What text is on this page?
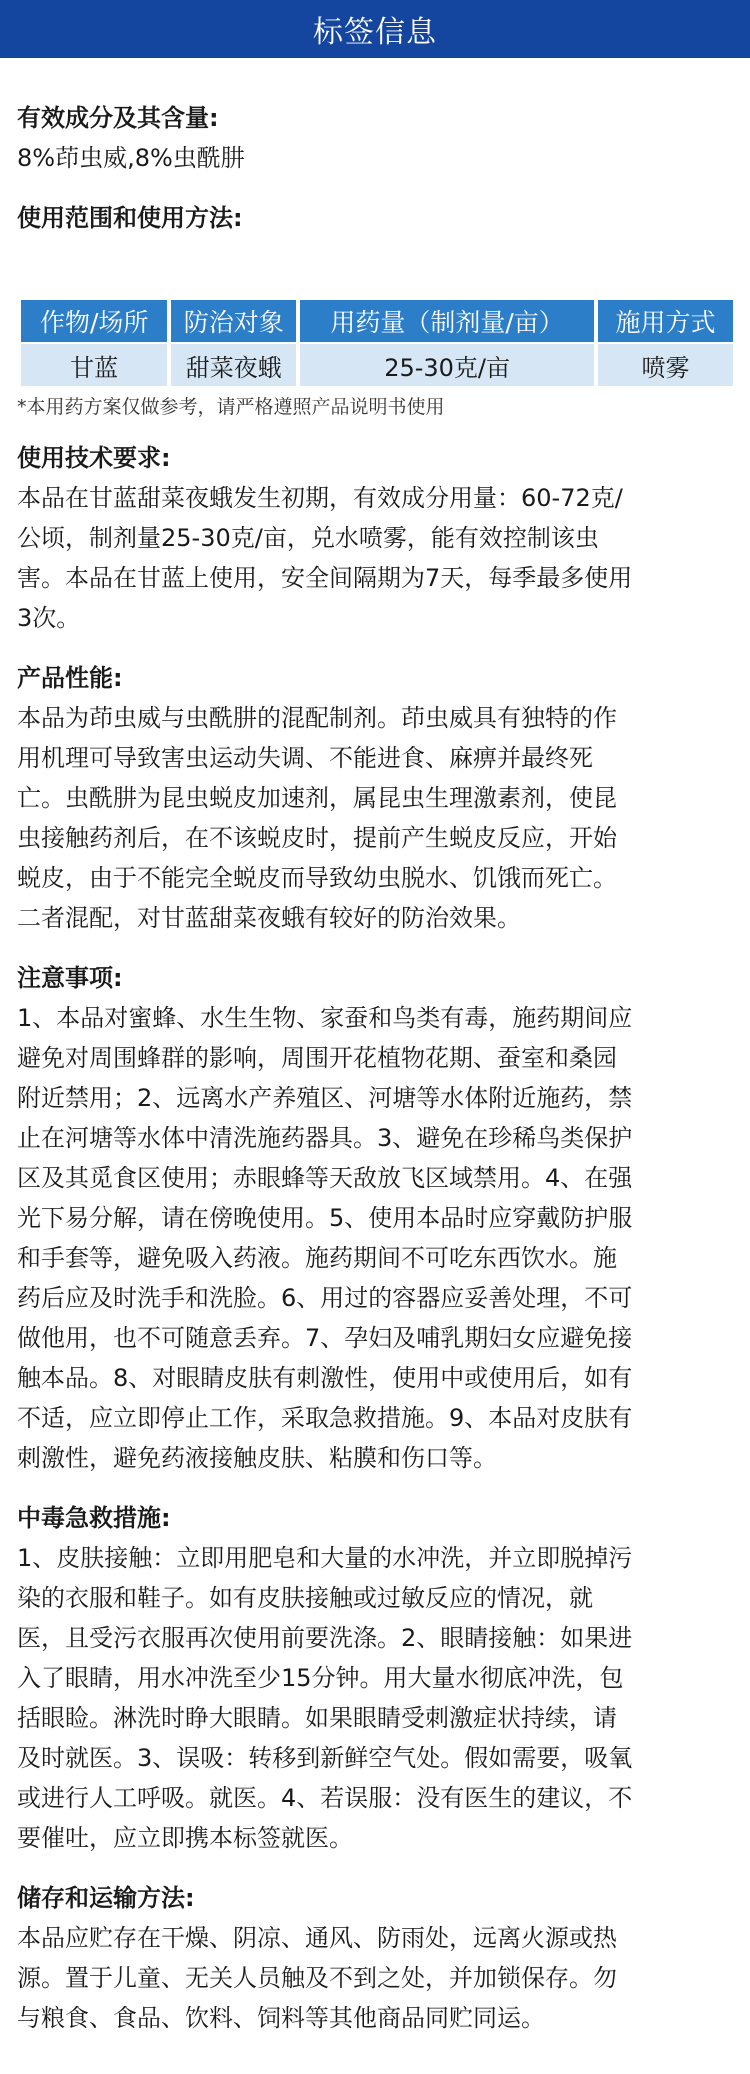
标签信息

有效成分及其含量:

8%茚虫威,8%虫酰肼

使用范围和使用方法:

作物/场所	防治对象	用药量（制剂量/亩）	施用方式
甘蓝	甜菜夜蛾	25-30克/亩	喷雾

*本用药方案仅做参考，请严格遵照产品说明书使用

使用技术要求:

本品在甘蓝甜菜夜蛾发生初期，有效成分用量：60-72克/

公顷，制剂量25-30克/亩，兑水喷雾，能有效控制该虫

害。本品在甘蓝上使用，安全间隔期为7天，每季最多使用

3次。

产品性能:

本品为茚虫威与虫酰肼的混配制剂。茚虫威具有独特的作

用机理可导致害虫运动失调、不能进食、麻痹并最终死

亡。虫酰肼为昆虫蜕皮加速剂，属昆虫生理激素剂，使昆

虫接触药剂后，在不该蜕皮时，提前产生蜕皮反应，开始

蜕皮，由于不能完全蜕皮而导致幼虫脱水、饥饿而死亡。

二者混配，对甘蓝甜菜夜蛾有较好的防治效果。

注意事项:

1、本品对蜜蜂、水生生物、家蚕和鸟类有毒，施药期间应

避免对周围蜂群的影响，周围开花植物花期、蚕室和桑园

附近禁用；2、远离水产养殖区、河塘等水体附近施药，禁

止在河塘等水体中清洗施药器具。3、避免在珍稀鸟类保护

区及其觅食区使用；赤眼蜂等天敌放飞区域禁用。4、在强

光下易分解，请在傍晚使用。5、使用本品时应穿戴防护服

和手套等，避免吸入药液。施药期间不可吃东西饮水。施

药后应及时洗手和洗脸。6、用过的容器应妥善处理，不可

做他用，也不可随意丢弃。7、孕妇及哺乳期妇女应避免接

触本品。8、对眼睛皮肤有刺激性，使用中或使用后，如有

不适，应立即停止工作，采取急救措施。9、本品对皮肤有

刺激性，避免药液接触皮肤、粘膜和伤口等。

中毒急救措施:

1、皮肤接触：立即用肥皂和大量的水冲洗，并立即脱掉污

染的衣服和鞋子。如有皮肤接触或过敏反应的情况，就

医，且受污衣服再次使用前要洗涤。2、眼睛接触：如果进

入了眼睛，用水冲洗至少15分钟。用大量水彻底冲洗，包

括眼睑。淋洗时睁大眼睛。如果眼睛受刺激症状持续，请

及时就医。3、误吸：转移到新鲜空气处。假如需要，吸氧

或进行人工呼吸。就医。4、若误服：没有医生的建议，不

要催吐，应立即携本标签就医。

储存和运输方法:

本品应贮存在干燥、阴凉、通风、防雨处，远离火源或热

源。置于儿童、无关人员触及不到之处，并加锁保存。勿

与粮食、食品、饮料、饲料等其他商品同贮同运。
